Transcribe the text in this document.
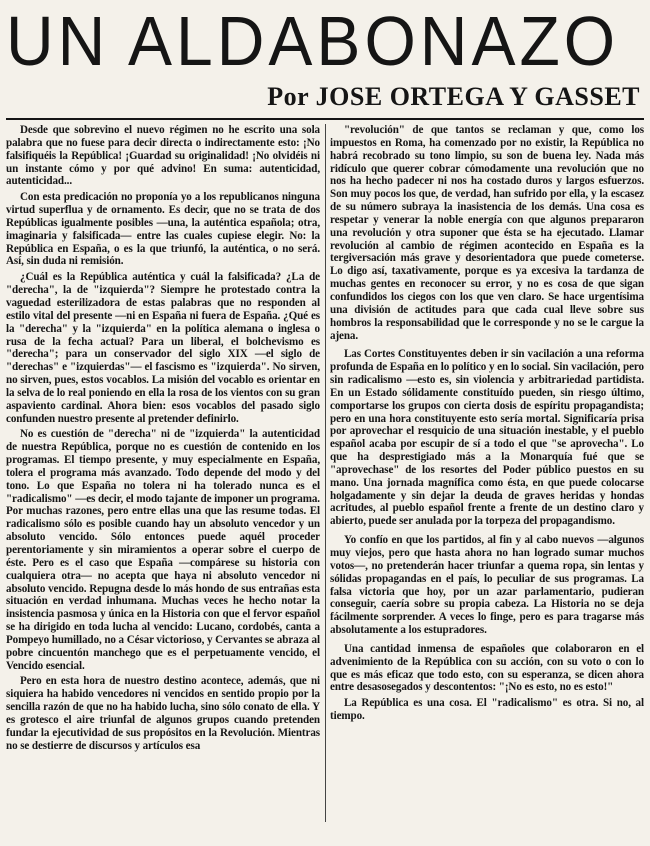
UN ALDABONAZO
Por JOSE ORTEGA Y GASSET

Desde que sobrevino el nuevo régimen no he escrito una sola palabra que no fuese para decir directa o indirectamente esto: ¡No falsifiquéis la República! ¡Guardad su originalidad! ¡No olvidéis ni un instante cómo y por qué advino! En suma: autenticidad, autenticidad...

Con esta predicación no proponía yo a los republicanos ninguna virtud superflua y de ornamento. Es decir, que no se trata de dos Repúblicas igualmente posibles —una, la auténtica española; otra, imaginaria y falsificada— entre las cuales cupiese elegir. No: la República en España, o es la que triunfó, la auténtica, o no será. Así, sin duda ni remisión.

¿Cuál es la República auténtica y cuál la falsificada? ¿La de "derecha", la de "izquierda"? Siempre he protestado contra la vaguedad esterilizadora de estas palabras que no responden al estilo vital del presente —ni en España ni fuera de España. ¿Qué es la "derecha" y la "izquierda" en la política alemana o inglesa o rusa de la fecha actual? Para un liberal, el bolchevismo es "derecha"; para un conservador del siglo XIX —el siglo de "derechas" e "izquierdas"— el fascismo es "izquierda". No sirven, no sirven, pues, estos vocablos. La misión del vocablo es orientar en la selva de lo real poniendo en ella la rosa de los vientos con su gran aspaviento cardinal. Ahora bien: esos vocablos del pasado siglo confunden nuestro presente al pretender definirlo.

No es cuestión de "derecha" ni de "izquierda" la autenticidad de nuestra República, porque no es cuestión de contenido en los programas. El tiempo presente, y muy especialmente en España, tolera el programa más avanzado. Todo depende del modo y del tono. Lo que España no tolera ni ha tolerado nunca es el "radicalismo" —es decir, el modo tajante de imponer un programa. Por muchas razones, pero entre ellas una que las resume todas. El radicalismo sólo es posible cuando hay un absoluto vencedor y un absoluto vencido. Sólo entonces puede aquél proceder perentoriamente y sin miramientos a operar sobre el cuerpo de éste. Pero es el caso que España —compárese su historia con cualquiera otra— no acepta que haya ni absoluto vencedor ni absoluto vencido. Repugna desde lo más hondo de sus entrañas esta situación en verdad inhumana. Muchas veces he hecho notar la insistencia pasmosa y única en la Historia con que el fervor español se ha dirigido en toda lucha al vencido: Lucano, cordobés, canta a Pompeyo humillado, no a César victorioso, y Cervantes se abraza al pobre cincuentón manchego que es el perpetuamente vencido, el Vencido esencial.

Pero en esta hora de nuestro destino acontece, además, que ni siquiera ha habido vencedores ni vencidos en sentido propio por la sencilla razón de que no ha habido lucha, sino sólo conato de ella. Y es grotesco el aire triunfal de algunos grupos cuando pretenden fundar la ejecutividad de sus propósitos en la Revolución. Mientras no se destierre de discursos y artículos esa

"revolución" de que tantos se reclaman y que, como los impuestos en Roma, ha comenzado por no existir, la República no habrá recobrado su tono limpio, su son de buena ley. Nada más ridículo que querer cobrar cómodamente una revolución que no nos ha hecho padecer ni nos ha costado duros y largos esfuerzos. Son muy pocos los que, de verdad, han sufrido por ella, y la escasez de su número subraya la inasistencia de los demás. Una cosa es respetar y venerar la noble energía con que algunos prepararon una revolución y otra suponer que ésta se ha ejecutado. Llamar revolución al cambio de régimen acontecido en España es la tergiversación más grave y desorientadora que puede cometerse. Lo digo así, taxativamente, porque es ya excesiva la tardanza de muchas gentes en reconocer su error, y no es cosa de que sigan confundidos los ciegos con los que ven claro. Se hace urgentísima una división de actitudes para que cada cual lleve sobre sus hombros la responsabilidad que le corresponde y no se le cargue la ajena.

Las Cortes Constituyentes deben ir sin vacilación a una reforma profunda de España en lo político y en lo social. Sin vacilación, pero sin radicalismo —esto es, sin violencia y arbitrariedad partidista. En un Estado sólidamente constituído pueden, sin riesgo último, comportarse los grupos con cierta dosis de espíritu propagandista; pero en una hora constituyente esto sería mortal. Significaría prisa por aprovechar el resquicio de una situación inestable, y el pueblo español acaba por escupir de sí a todo el que "se aprovecha". Lo que ha desprestigiado más a la Monarquía fué que se "aprovechase" de los resortes del Poder público puestos en su mano. Una jornada magnífica como ésta, en que puede colocarse holgadamente y sin dejar la deuda de graves heridas y hondas acritudes, al pueblo español frente a frente de un destino claro y abierto, puede ser anulada por la torpeza del propagandismo.

Yo confío en que los partidos, al fin y al cabo nuevos —algunos muy viejos, pero que hasta ahora no han logrado sumar muchos votos—, no pretenderán hacer triunfar a quema ropa, sin lentas y sólidas propagandas en el país, lo peculiar de sus programas. La falsa victoria que hoy, por un azar parlamentario, pudieran conseguir, caería sobre su propia cabeza. La Historia no se deja fácilmente sorprender. A veces lo finge, pero es para tragarse más absolutamente a los estupradores.

Una cantidad inmensa de españoles que colaboraron en el advenimiento de la República con su acción, con su voto o con lo que es más eficaz que todo esto, con su esperanza, se dicen ahora entre desasosegados y descontentos: "¡No es esto, no es esto!"

La República es una cosa. El "radicalismo" es otra. Si no, al tiempo.
